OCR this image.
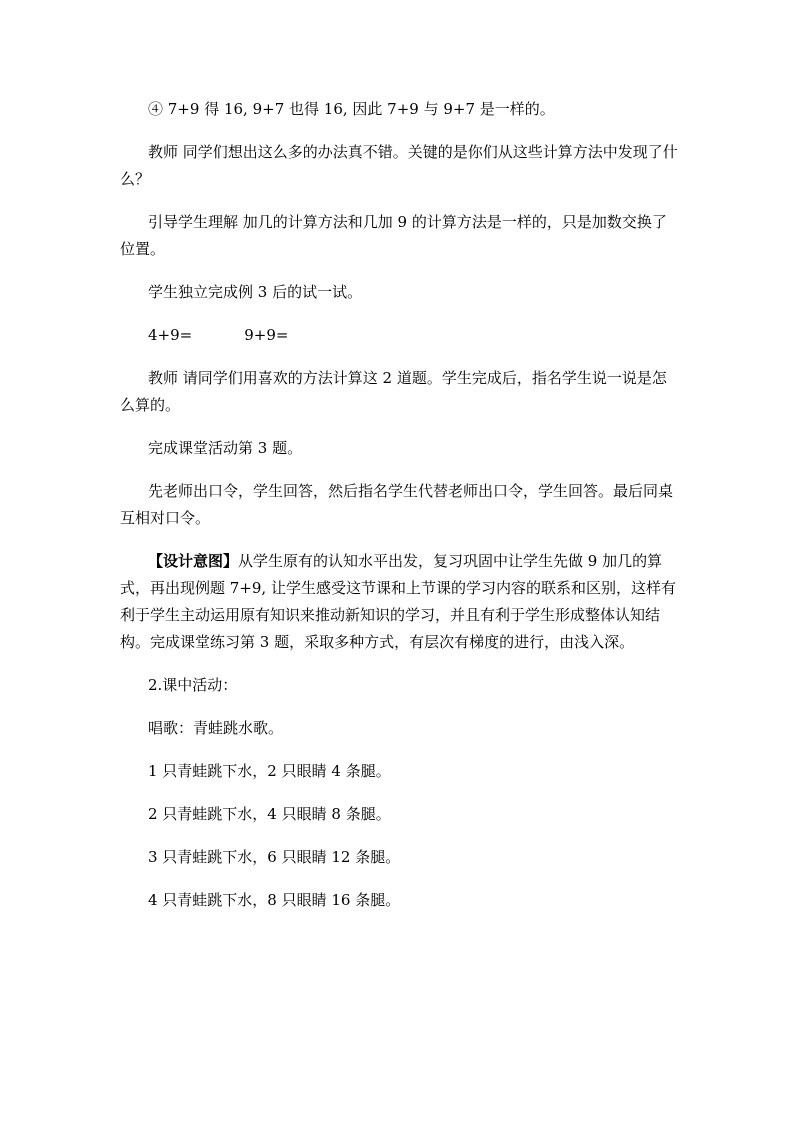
④ 7+9 得 16, 9+7 也得 16, 因此 7+9 与 9+7 是一样的。

教师 同学们想出这么多的办法真不错。关键的是你们从这些计算方法中发现了什么？

引导学生理解 加几的计算方法和几加 9 的计算方法是一样的，只是加数交换了位置。

学生独立完成例 3 后的试一试。

4+9=	9+9=

教师 请同学们用喜欢的方法计算这 2 道题。学生完成后，指名学生说一说是怎么算的。

完成课堂活动第 3 题。

先老师出口令，学生回答，然后指名学生代替老师出口令，学生回答。最后同桌互相对口令。

【设计意图】从学生原有的认知水平出发，复习巩固中让学生先做 9 加几的算式，再出现例题 7+9, 让学生感受这节课和上节课的学习内容的联系和区别，这样有利于学生主动运用原有知识来推动新知识的学习，并且有利于学生形成整体认知结构。完成课堂练习第 3 题，采取多种方式，有层次有梯度的进行，由浅入深。

2.课中活动：

唱歌：青蛙跳水歌。

1 只青蛙跳下水，2 只眼睛 4 条腿。

2 只青蛙跳下水，4 只眼睛 8 条腿。

3 只青蛙跳下水，6 只眼睛 12 条腿。

4 只青蛙跳下水，8 只眼睛 16 条腿。
